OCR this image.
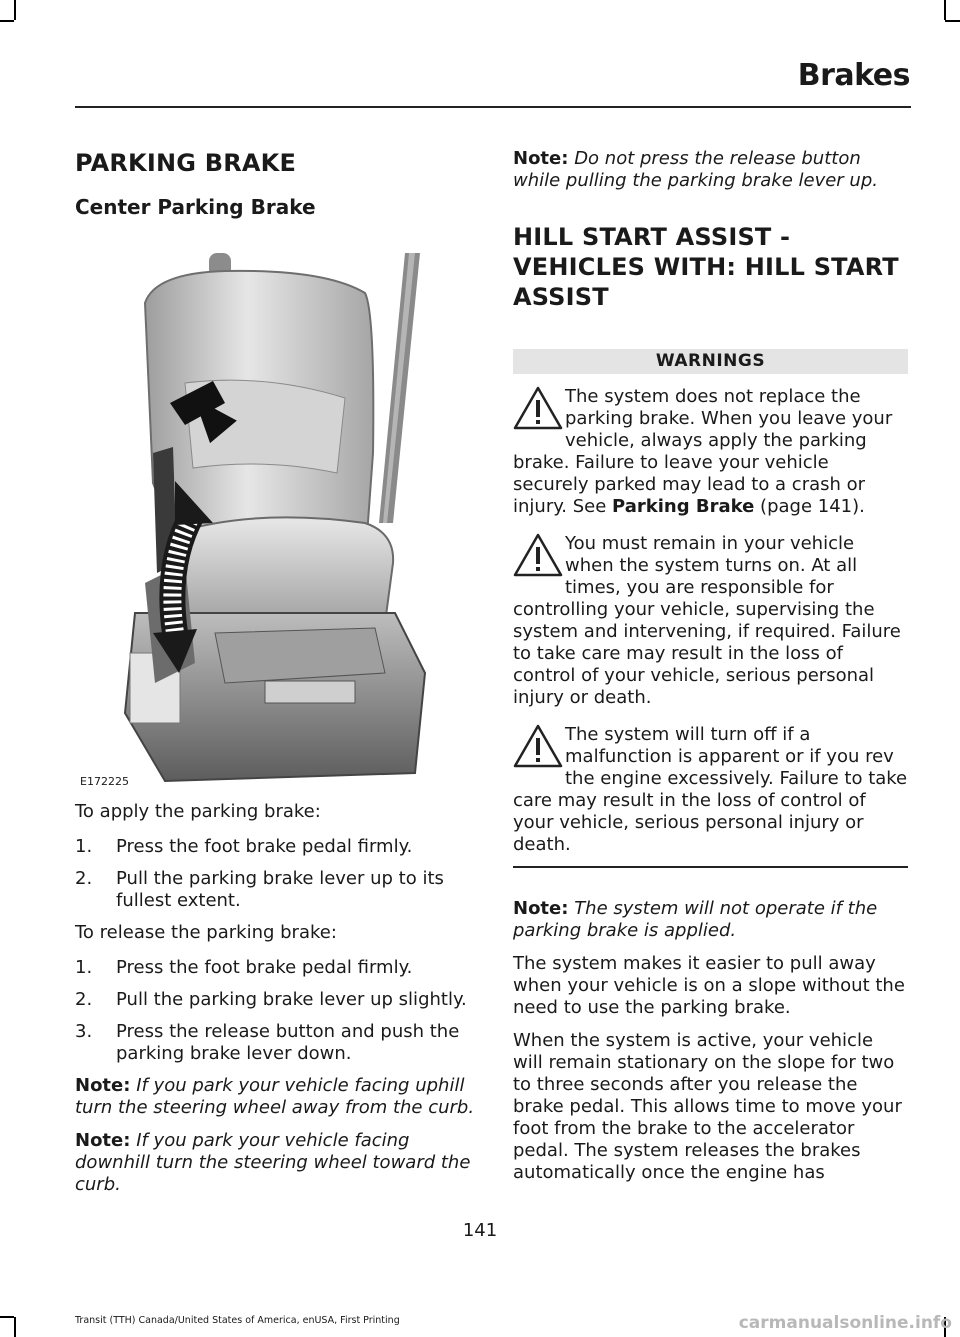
Brakes
PARKING BRAKE
Center Parking Brake
E172225

To apply the parking brake:

1. Press the foot brake pedal firmly.
2. Pull the parking brake lever up to its fullest extent.

To release the parking brake:

1. Press the foot brake pedal firmly.
2. Pull the parking brake lever up slightly.
3. Press the release button and push the parking brake lever down.

Note: If you park your vehicle facing uphill turn the steering wheel away from the curb.

Note: If you park your vehicle facing downhill turn the steering wheel toward the curb.

Note: Do not press the release button while pulling the parking brake lever up.

HILL START ASSIST -
VEHICLES WITH: HILL START
ASSIST
WARNINGS
The system does not replace the parking brake. When you leave your vehicle, always apply the parking brake. Failure to leave your vehicle securely parked may lead to a crash or injury. See Parking Brake (page 141).
You must remain in your vehicle when the system turns on. At all times, you are responsible for controlling your vehicle, supervising the system and intervening, if required. Failure to take care may result in the loss of control of your vehicle, serious personal injury or death.
The system will turn off if a malfunction is apparent or if you rev the engine excessively. Failure to take care may result in the loss of control of your vehicle, serious personal injury or death.

Note: The system will not operate if the parking brake is applied.

The system makes it easier to pull away when your vehicle is on a slope without the need to use the parking brake.

When the system is active, your vehicle will remain stationary on the slope for two to three seconds after you release the brake pedal. This allows time to move your foot from the brake to the accelerator pedal. The system releases the brakes automatically once the engine has

141
Transit (TTH) Canada/United States of America, enUSA, First Printing	carmanualsonline.info
